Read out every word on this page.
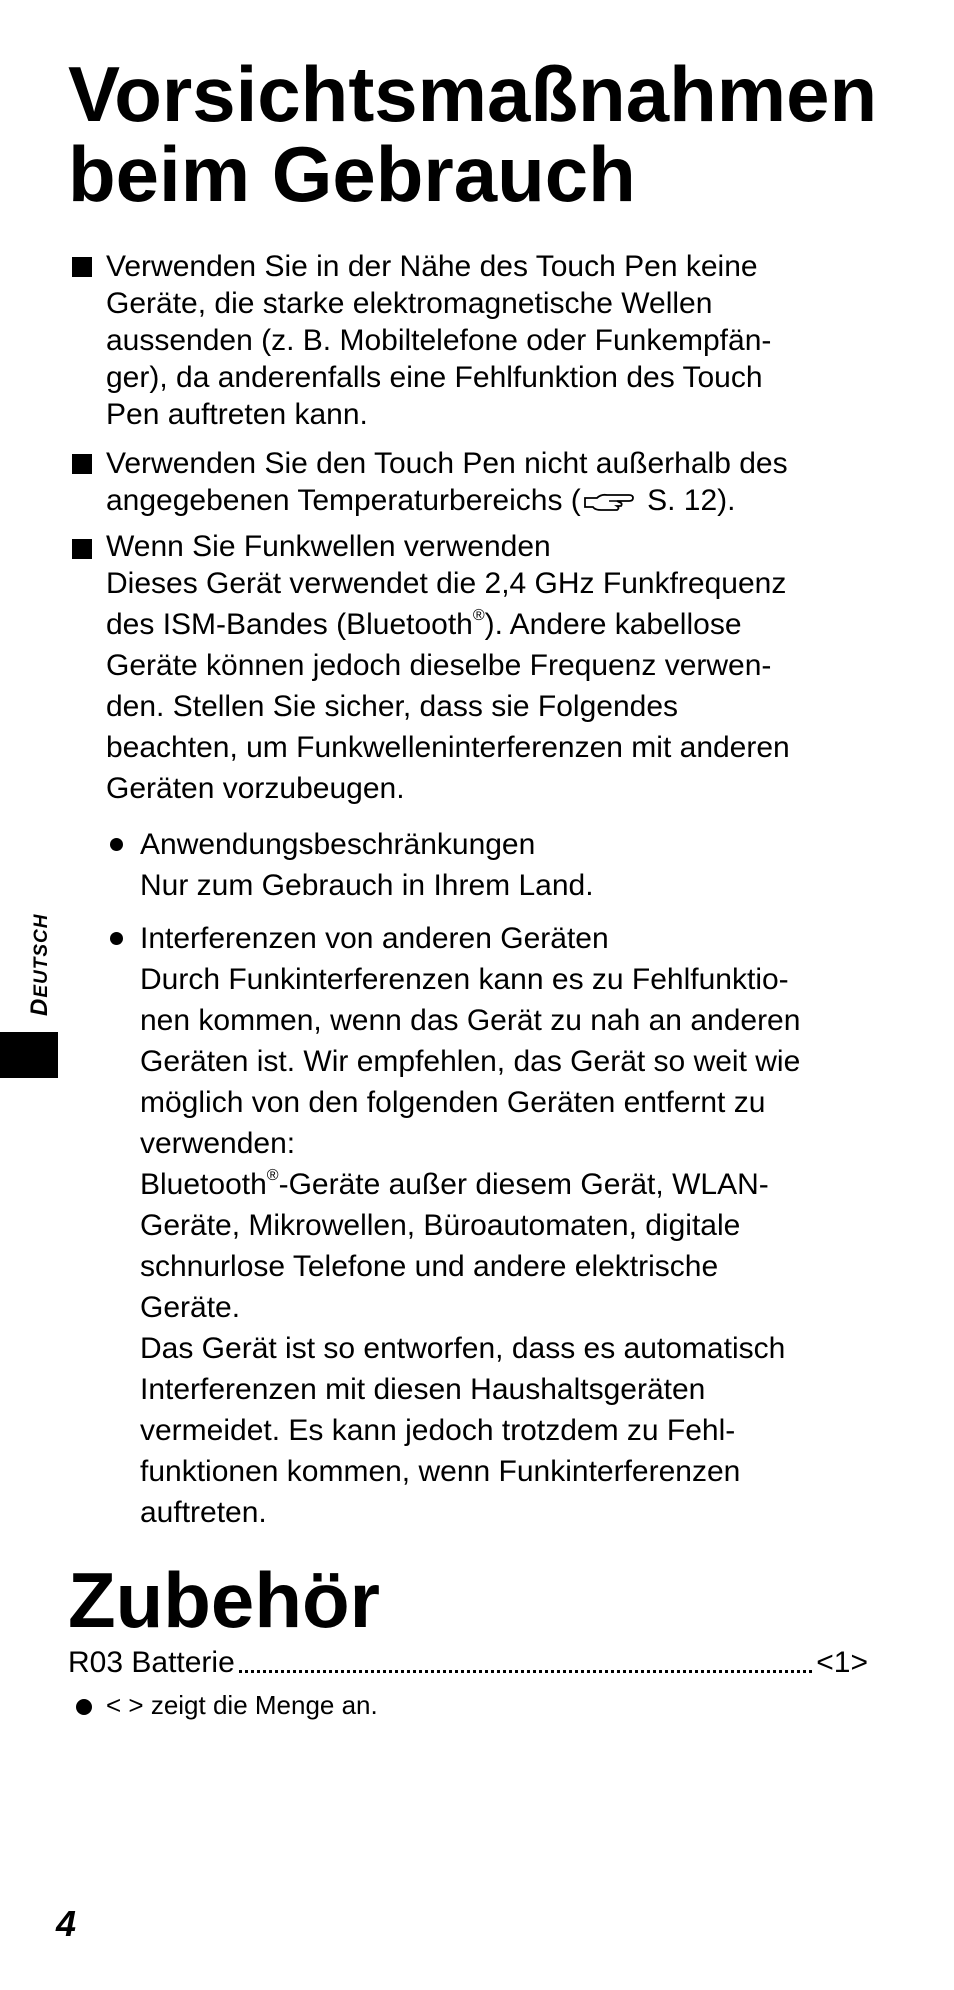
Vorsichtsmaßnahmen
beim Gebrauch
Verwenden Sie in der Nähe des Touch Pen keine
Geräte, die starke elektromagnetische Wellen
aussenden (z. B. Mobiltelefone oder Funkempfän-
ger), da anderenfalls eine Fehlfunktion des Touch
Pen auftreten kann.
Verwenden Sie den Touch Pen nicht außerhalb des
angegebenen Temperaturbereichs ( S. 12).
Wenn Sie Funkwellen verwenden
Dieses Gerät verwendet die 2,4 GHz Funkfrequenz
des ISM-Bandes (Bluetooth®). Andere kabellose
Geräte können jedoch dieselbe Frequenz verwen-
den. Stellen Sie sicher, dass sie Folgendes
beachten, um Funkwelleninterferenzen mit anderen
Geräten vorzubeugen.
Anwendungsbeschränkungen
Nur zum Gebrauch in Ihrem Land.
Interferenzen von anderen Geräten
Durch Funkinterferenzen kann es zu Fehlfunktio-
nen kommen, wenn das Gerät zu nah an anderen
Geräten ist. Wir empfehlen, das Gerät so weit wie
möglich von den folgenden Geräten entfernt zu
verwenden:
Bluetooth®-Geräte außer diesem Gerät, WLAN-
Geräte, Mikrowellen, Büroautomaten, digitale
schnurlose Telefone und andere elektrische
Geräte.
Das Gerät ist so entworfen, dass es automatisch
Interferenzen mit diesen Haushaltsgeräten
vermeidet. Es kann jedoch trotzdem zu Fehl-
funktionen kommen, wenn Funkinterferenzen
auftreten.
DEUTSCH
Zubehör
R03 Batterie	<1>
< > zeigt die Menge an.
4
